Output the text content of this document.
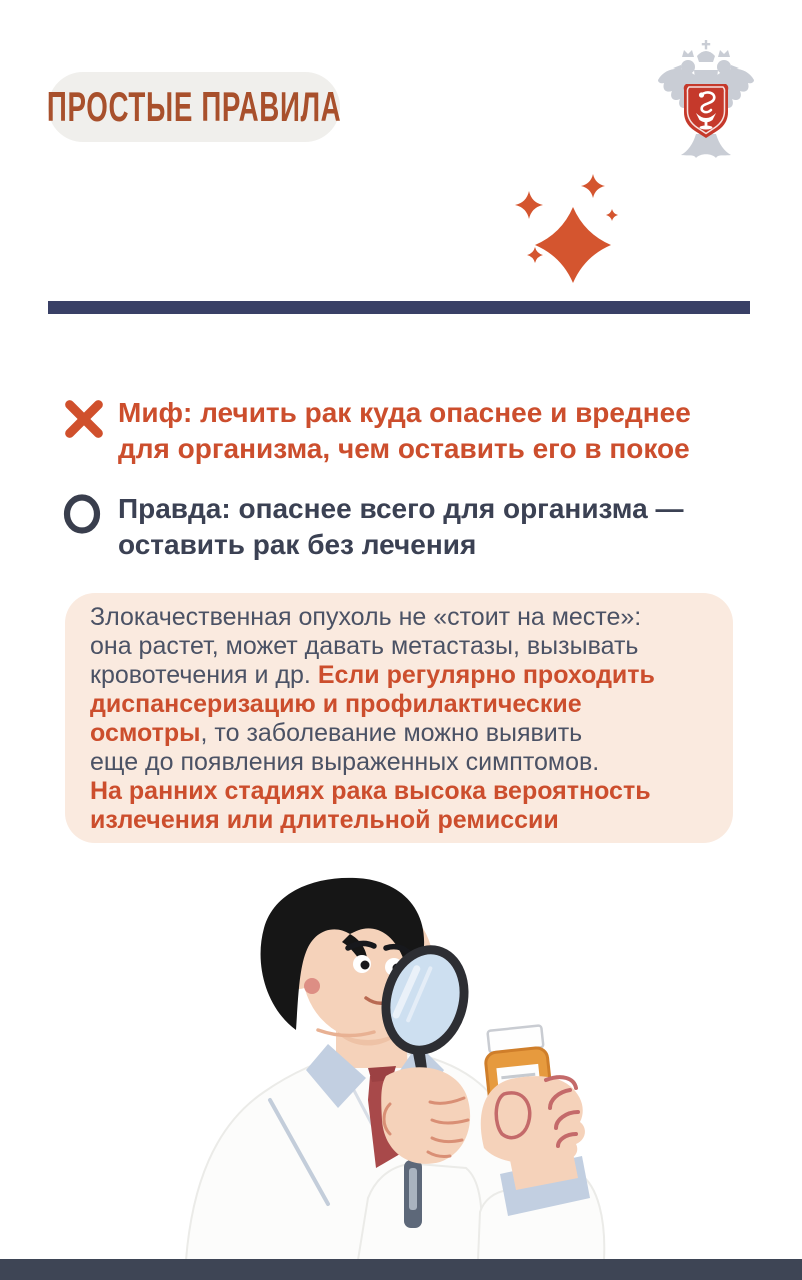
ПРОСТЫЕ ПРАВИЛА
Миф: лечить рак куда опаснее и вреднее
для организма, чем оставить его в покое
Правда: опаснее всего для организма —
оставить рак без лечения
Злокачественная опухоль не «стоит на месте»:
она растет, может давать метастазы, вызывать
кровотечения и др. Если регулярно проходить
диспансеризацию и профилактические
осмотры, то заболевание можно выявить
еще до появления выраженных симптомов.
На ранних стадиях рака высока вероятность
излечения или длительной ремиссии
